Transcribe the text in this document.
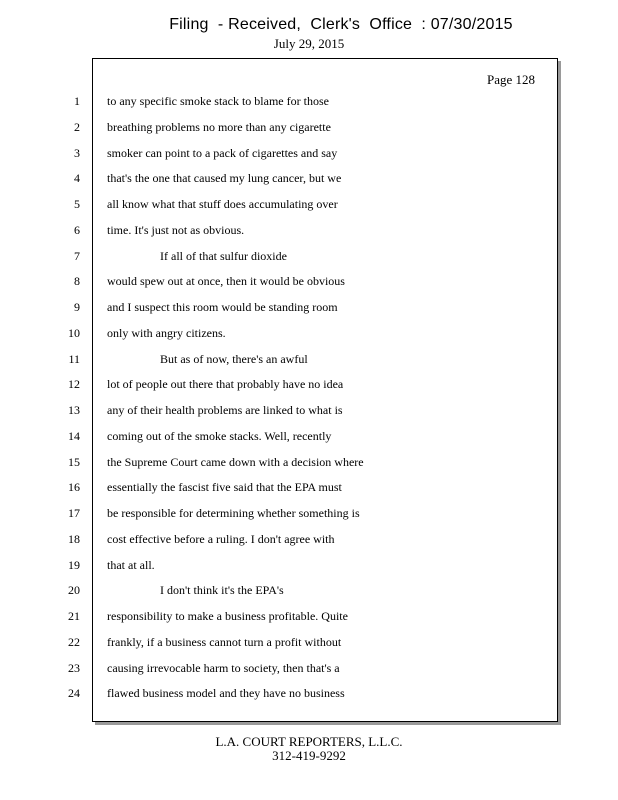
Filing  - Received,  Clerk's  Office  : 07/30/2015
July 29, 2015
Page 128
1 to any specific smoke stack to blame for those
2 breathing problems no more than any cigarette
3 smoker can point to a pack of cigarettes and say
4 that's the one that caused my lung cancer, but we
5 all know what that stuff does accumulating over
6 time. It's just not as obvious.
7	If all of that sulfur dioxide
8 would spew out at once, then it would be obvious
9 and I suspect this room would be standing room
10 only with angry citizens.
11	But as of now, there's an awful
12 lot of people out there that probably have no idea
13 any of their health problems are linked to what is
14 coming out of the smoke stacks. Well, recently
15 the Supreme Court came down with a decision where
16 essentially the fascist five said that the EPA must
17 be responsible for determining whether something is
18 cost effective before a ruling. I don't agree with
19 that at all.
20	I don't think it's the EPA's
21 responsibility to make a business profitable. Quite
22 frankly, if a business cannot turn a profit without
23 causing irrevocable harm to society, then that's a
24 flawed business model and they have no business
L.A. COURT REPORTERS, L.L.C.
312-419-9292
